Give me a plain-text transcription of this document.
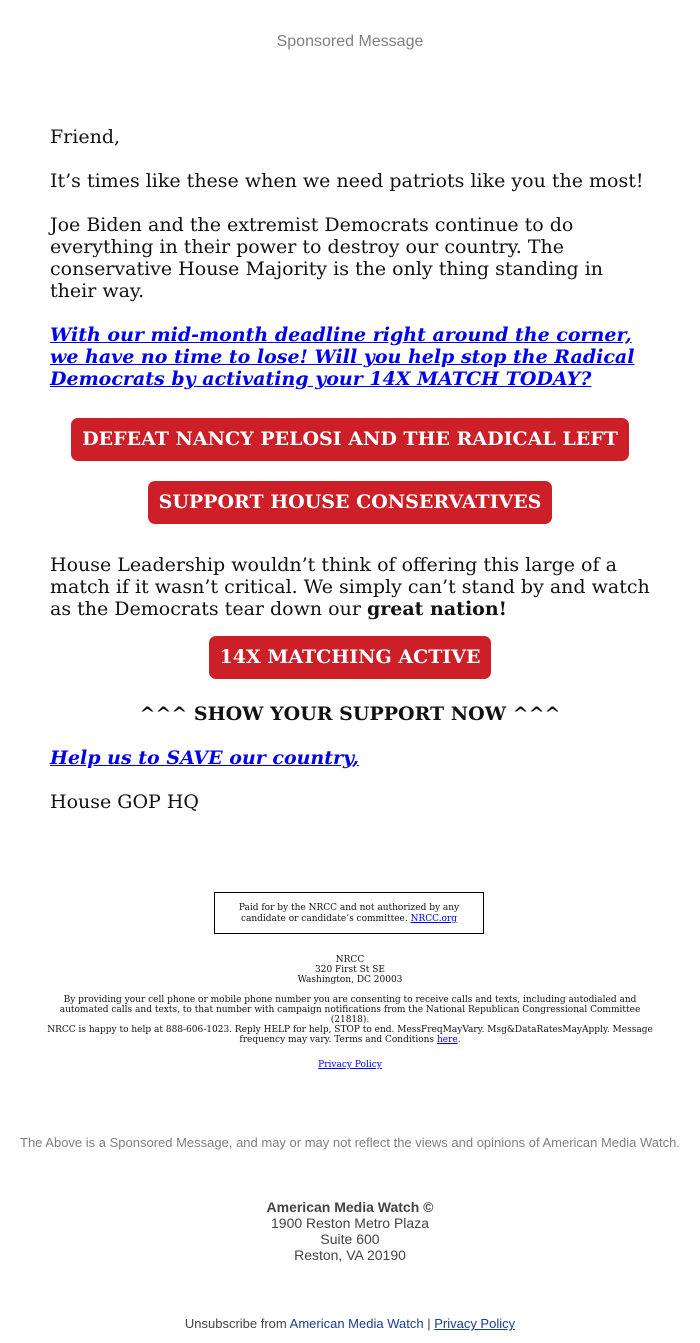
Sponsored Message

Friend,

It’s times like these when we need patriots like you the most!

Joe Biden and the extremist Democrats continue to do everything in their power to destroy our country. The conservative House Majority is the only thing standing in their way.

With our mid-month deadline right around the corner, we have no time to lose! Will you help stop the Radical Democrats by activating your 14X MATCH TODAY?

DEFEAT NANCY PELOSI AND THE RADICAL LEFT
SUPPORT HOUSE CONSERVATIVES

House Leadership wouldn’t think of offering this large of a match if it wasn’t critical. We simply can’t stand by and watch as the Democrats tear down our great nation!

14X MATCHING ACTIVE

^^^ SHOW YOUR SUPPORT NOW ^^^

Help us to SAVE our country,

House GOP HQ

Paid for by the NRCC and not authorized by any candidate or candidate’s committee. NRCC.org
NRCC
320 First St SE
Washington, DC 20003
By providing your cell phone or mobile phone number you are consenting to receive calls and texts, including autodialed and automated calls and texts, to that number with campaign notifications from the National Republican Congressional Committee (21818).
NRCC is happy to help at 888-606-1023. Reply HELP for help, STOP to end. MessFreqMayVary. Msg&DataRatesMayApply. Message frequency may vary. Terms and Conditions here.
Privacy Policy
The Above is a Sponsored Message, and may or may not reflect the views and opinions of American Media Watch.
American Media Watch ©
1900 Reston Metro Plaza
Suite 600
Reston, VA 20190
Unsubscribe from American Media Watch | Privacy Policy
